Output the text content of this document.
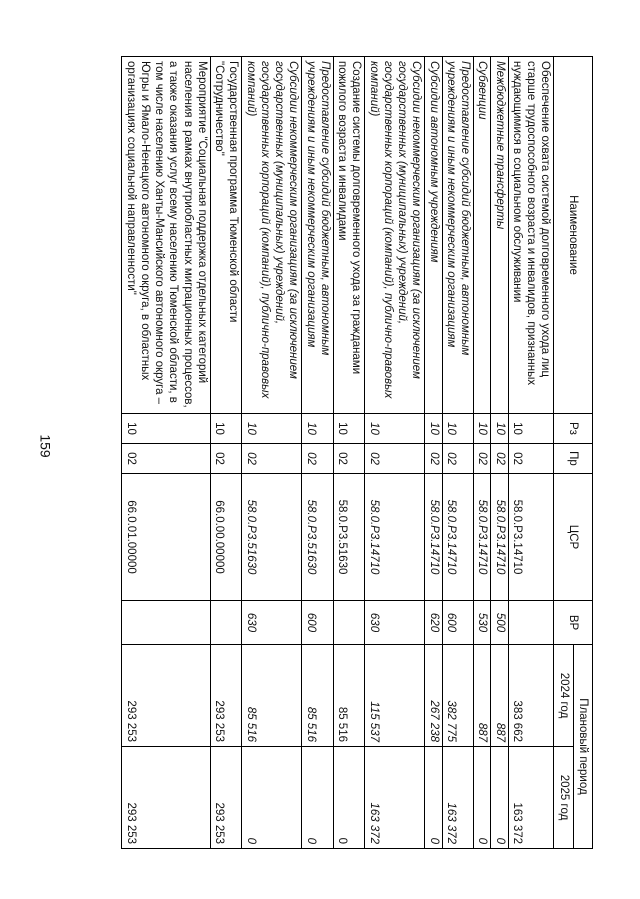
159
Наименование	Рз	Пр	ЦСР	ВР	Плановый период	
					2024 год	2025 год
Обеспечение охвата системой долговременного ухода лиц старше трудоспособного возраста и инвалидов, признанных нуждающимися в социальном обслуживании	10	02	58.0.Р3.14710		383 662	163 372
Межбюджетные трансферты	10	02	58.0.Р3.14710	500	887	0
Субвенции	10	02	58.0.Р3.14710	530	887	0
Предоставление субсидий бюджетным, автономным учреждениям и иным некоммерческим организациям	10	02	58.0.Р3.14710	600	382 775	163 372
Субсидии автономным учреждениям	10	02	58.0.Р3.14710	620	267 238	0
Субсидии некоммерческим организациям (за исключением государственных (муниципальных) учреждений, государственных корпораций (компаний), публично-правовых компаний)	10	02	58.0.Р3.14710	630	115 537	163 372
Создание системы долговременного ухода за гражданами пожилого возраста и инвалидами	10	02	58.0.Р3.51630		85 516	0
Предоставление субсидий бюджетным, автономным учреждениям и иным некоммерческим организациям	10	02	58.0.Р3.51630	600	85 516	0
Субсидии некоммерческим организациям (за исключением государственных (муниципальных) учреждений, государственных корпораций (компаний), публично-правовых компаний)	10	02	58.0.Р3.51630	630	85 516	0
Государственная программа Тюменской области "Сотрудничество"	10	02	66.0.00.00000		293 253	293 253
Мероприятие "Социальная поддержка отдельных категорий населения в рамках внутриобластных миграционных процессов, а также оказания услуг всему населению Тюменской области, в том числе населению Ханты-Мансийского автономного округа – Югры и Ямало-Ненецкого автономного округа, в областных организациях социальной направленности"	10	02	66.0.01.00000		293 253	293 253
